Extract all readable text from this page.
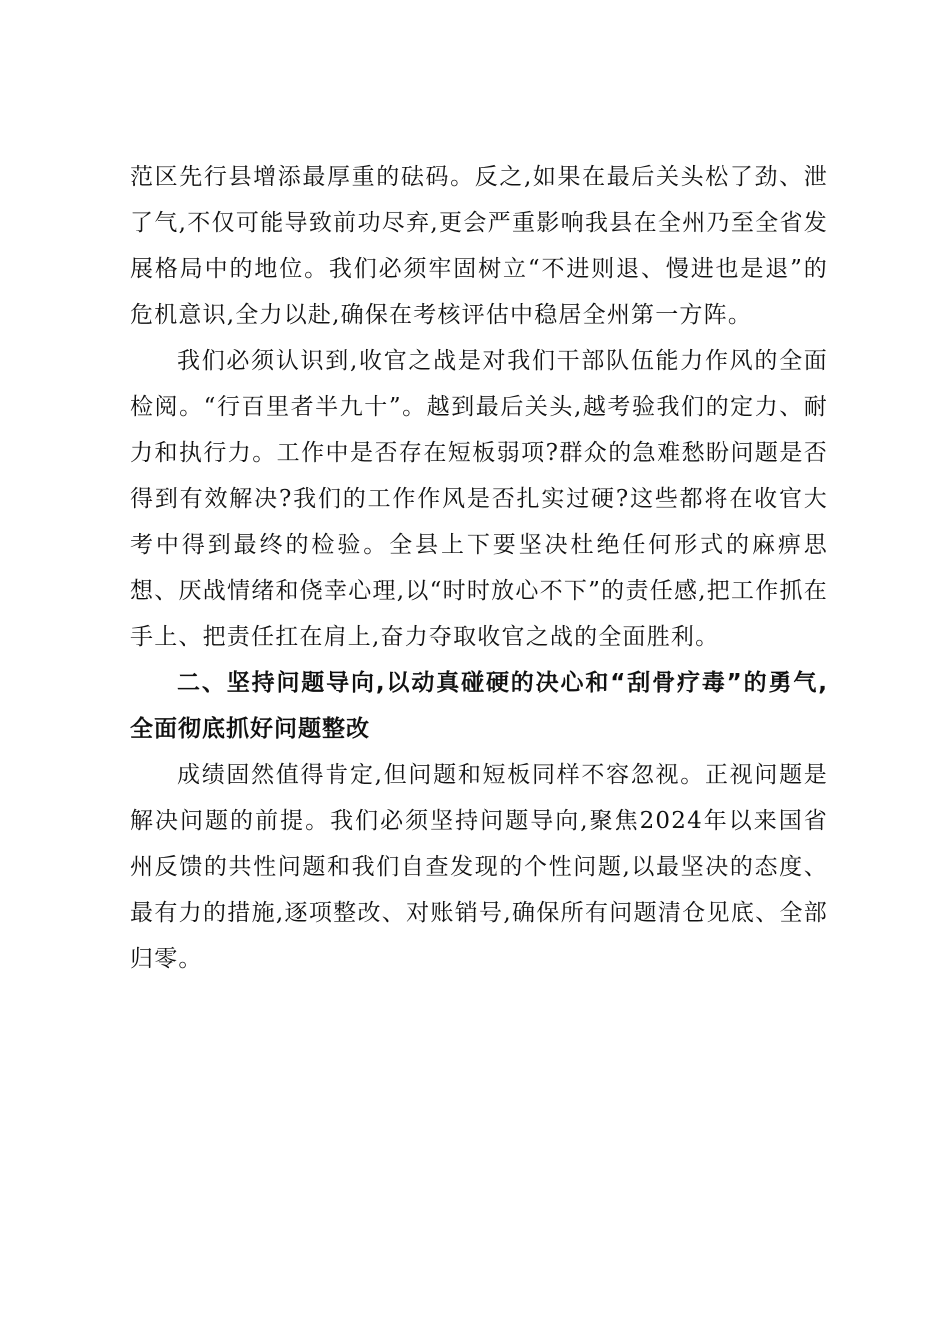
范区先行县增添最厚重的砝码。反之,如果在最后关头松了劲、泄了气,不仅可能导致前功尽弃,更会严重影响我县在全州乃至全省发展格局中的地位。我们必须牢固树立“不进则退、慢进也是退”的危机意识,全力以赴,确保在考核评估中稳居全州第一方阵。

我们必须认识到,收官之战是对我们干部队伍能力作风的全面检阅。“行百里者半九十”。越到最后关头,越考验我们的定力、耐力和执行力。工作中是否存在短板弱项?群众的急难愁盼问题是否得到有效解决?我们的工作作风是否扎实过硬?这些都将在收官大考中得到最终的检验。全县上下要坚决杜绝任何形式的麻痹思想、厌战情绪和侥幸心理,以“时时放心不下”的责任感,把工作抓在手上、把责任扛在肩上,奋力夺取收官之战的全面胜利。

二、坚持问题导向,以动真碰硬的决心和“刮骨疗毒”的勇气,全面彻底抓好问题整改

成绩固然值得肯定,但问题和短板同样不容忽视。正视问题是解决问题的前提。我们必须坚持问题导向,聚焦2024年以来国省州反馈的共性问题和我们自查发现的个性问题,以最坚决的态度、最有力的措施,逐项整改、对账销号,确保所有问题清仓见底、全部归零。
